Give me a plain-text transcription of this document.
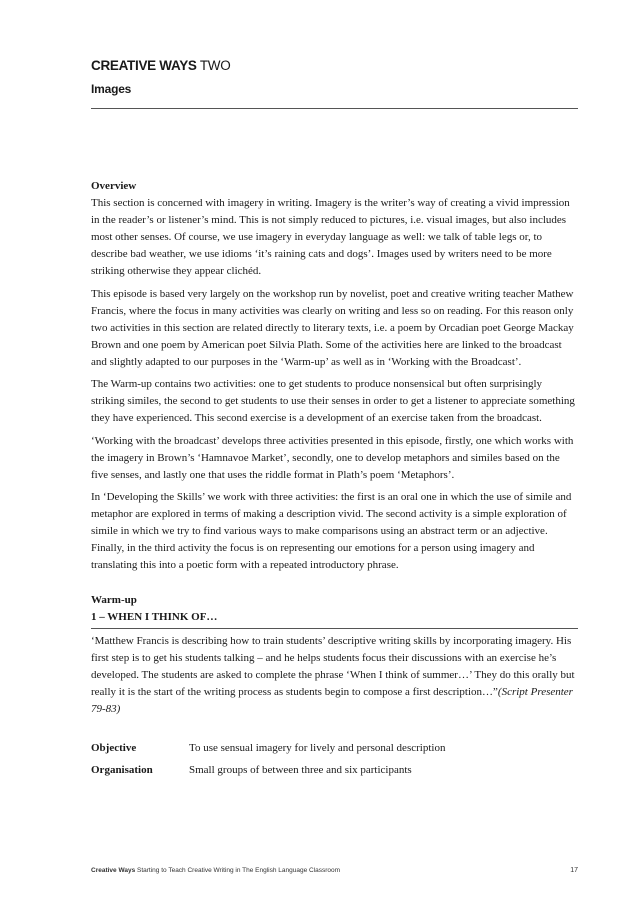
CREATIVE WAYS TWO
Images
Overview

This section is concerned with imagery in writing. Imagery is the writer’s way of creating a vivid impression in the reader’s or listener’s mind. This is not simply reduced to pictures, i.e. visual images, but also includes most other senses. Of course, we use imagery in everyday language as well: we talk of table legs or, to describe bad weather, we use idioms ‘it’s raining cats and dogs’. Images used by writers need to be more striking otherwise they appear clichéd.

This episode is based very largely on the workshop run by novelist, poet and creative writing teacher Mathew Francis, where the focus in many activities was clearly on writing and less so on reading. For this reason only two activities in this section are related directly to literary texts, i.e. a poem by Orcadian poet George Mackay Brown and one poem by American poet Silvia Plath. Some of the activities here are linked to the broadcast and slightly adapted to our purposes in the ‘Warm-up’ as well as in ‘Working with the Broadcast’.

The Warm-up contains two activities: one to get students to produce nonsensical but often surprisingly striking similes, the second to get students to use their senses in order to get a listener to appreciate something they have experienced. This second exercise is a development of an exercise taken from the broadcast.

‘Working with the broadcast’ develops three activities presented in this episode, firstly, one which works with the imagery in Brown’s ‘Hamnavoe Market’, secondly, one to develop metaphors and similes based on the five senses, and lastly one that uses the riddle format in Plath’s poem ‘Metaphors’.

In ‘Developing the Skills’ we work with three activities: the first is an oral one in which the use of simile and metaphor are explored in terms of making a description vivid. The second activity is a simple exploration of simile in which we try to find various ways to make comparisons using an abstract term or an adjective. Finally, in the third activity the focus is on representing our emotions for a person using imagery and translating this into a poetic form with a repeated introductory phrase.

Warm-up
1 – WHEN I THINK OF…

‘Matthew Francis is describing how to train students’ descriptive writing skills by incorporating imagery. His first step is to get his students talking – and he helps students focus their discussions with an exercise he’s developed. The students are asked to complete the phrase ‘When I think of summer…’ They do this orally but really it is the start of the writing process as students begin to compose a first description…”(Script Presenter 79-83)

Objective	To use sensual imagery for lively and personal description
Organisation	Small groups of between three and six participants
Creative Ways Starting to Teach Creative Writing in The English Language Classroom	17
